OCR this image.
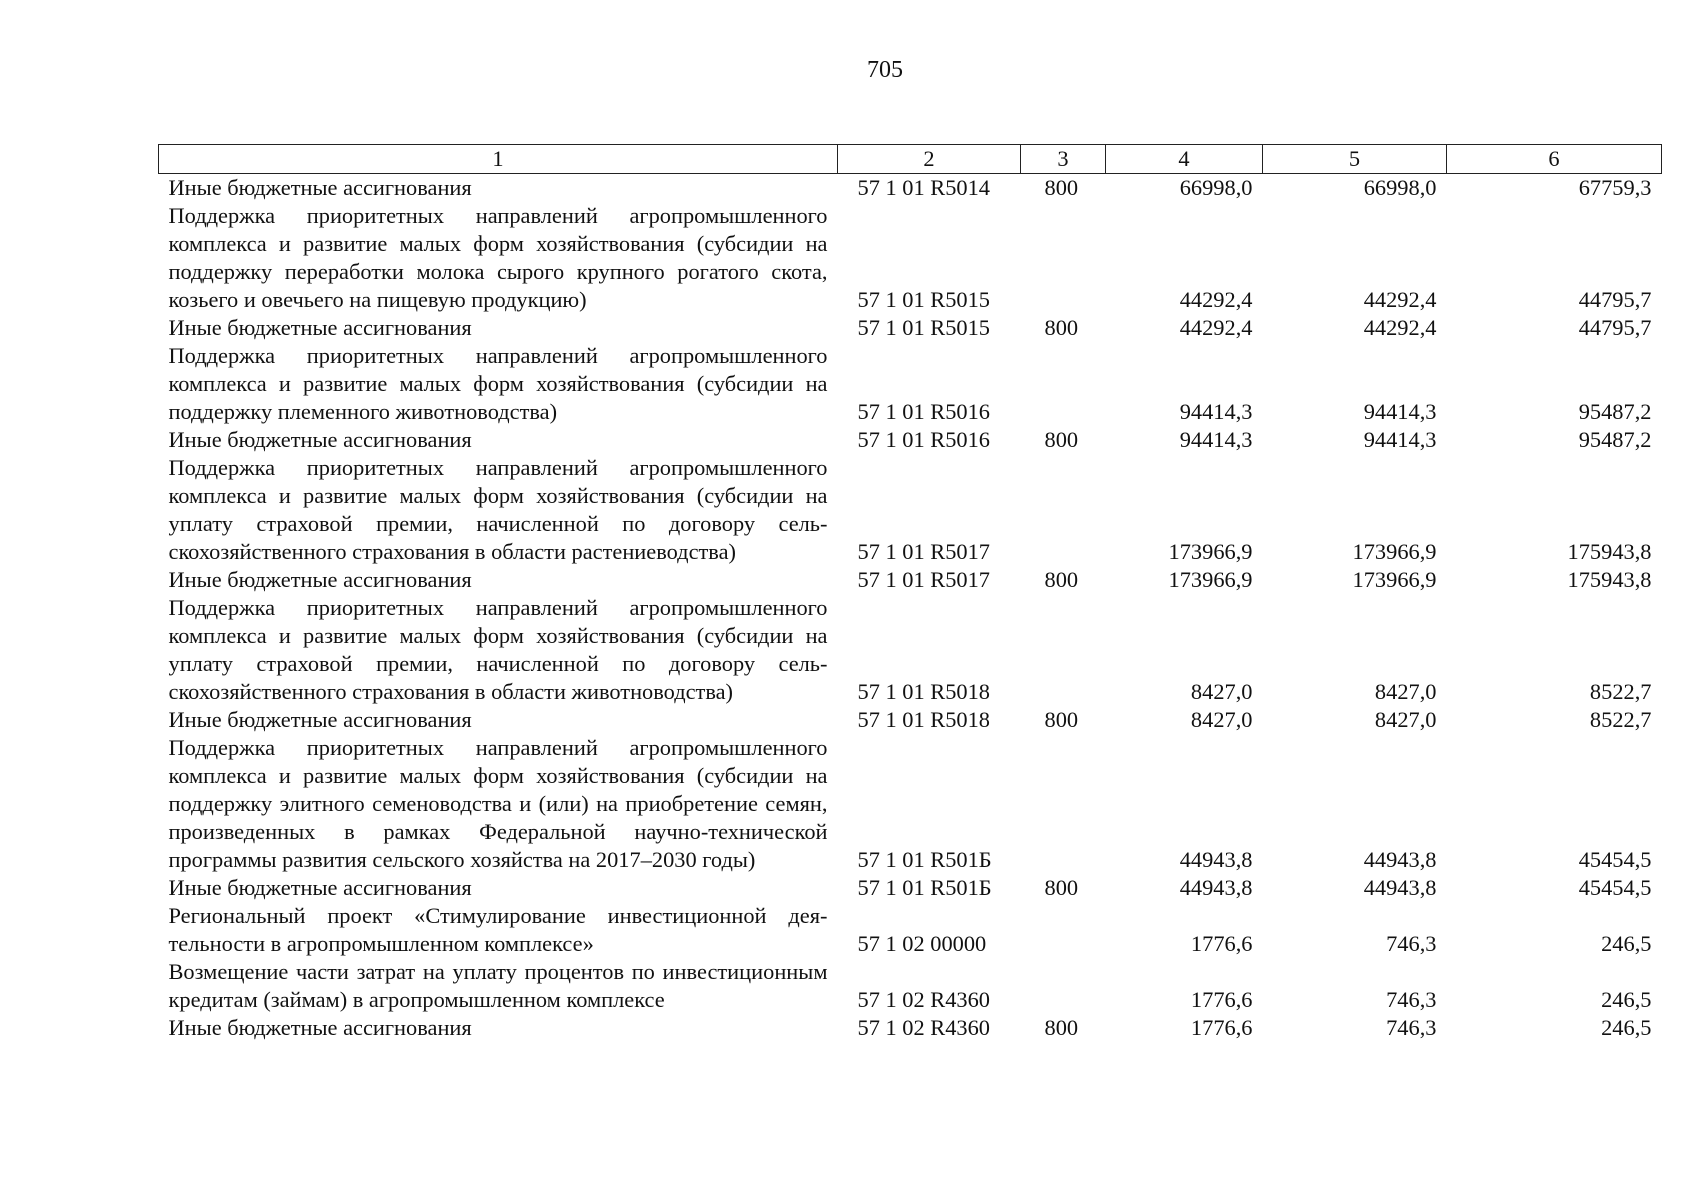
705
1	2	3	4	5	6
Иные бюджетные ассигнования	57 1 01 R5014	800	66998,0	66998,0	67759,3
Поддержка приоритетных направлений агропромышленного комплекса и развитие малых форм хозяйствования (субсидии на поддержку переработки молока сырого крупного рогатого скота, козьего и овечьего на пищевую продукцию)	57 1 01 R5015		44292,4	44292,4	44795,7
Иные бюджетные ассигнования	57 1 01 R5015	800	44292,4	44292,4	44795,7
Поддержка приоритетных направлений агропромышленного комплекса и развитие малых форм хозяйствования (субсидии на поддержку племенного животноводства)	57 1 01 R5016		94414,3	94414,3	95487,2
Иные бюджетные ассигнования	57 1 01 R5016	800	94414,3	94414,3	95487,2
Поддержка приоритетных направлений агропромышленного комплекса и развитие малых форм хозяйствования (субсидии на уплату страховой премии, начисленной по договору сельскохозяйственного страхования в области растениеводства)	57 1 01 R5017		173966,9	173966,9	175943,8
Иные бюджетные ассигнования	57 1 01 R5017	800	173966,9	173966,9	175943,8
Поддержка приоритетных направлений агропромышленного комплекса и развитие малых форм хозяйствования (субсидии на уплату страховой премии, начисленной по договору сельскохозяйственного страхования в области животноводства)	57 1 01 R5018		8427,0	8427,0	8522,7
Иные бюджетные ассигнования	57 1 01 R5018	800	8427,0	8427,0	8522,7
Поддержка приоритетных направлений агропромышленного комплекса и развитие малых форм хозяйствования (субсидии на поддержку элитного семеноводства и (или) на приобретение семян, произведенных в рамках Федеральной научно-технической программы развития сельского хозяйства на 2017–2030 годы)	57 1 01 R501Б		44943,8	44943,8	45454,5
Иные бюджетные ассигнования	57 1 01 R501Б	800	44943,8	44943,8	45454,5
Региональный проект «Стимулирование инвестиционной деятельности в агропромышленном комплексе»	57 1 02 00000		1776,6	746,3	246,5
Возмещение части затрат на уплату процентов по инвестиционным кредитам (займам) в агропромышленном комплексе	57 1 02 R4360		1776,6	746,3	246,5
Иные бюджетные ассигнования	57 1 02 R4360	800	1776,6	746,3	246,5
